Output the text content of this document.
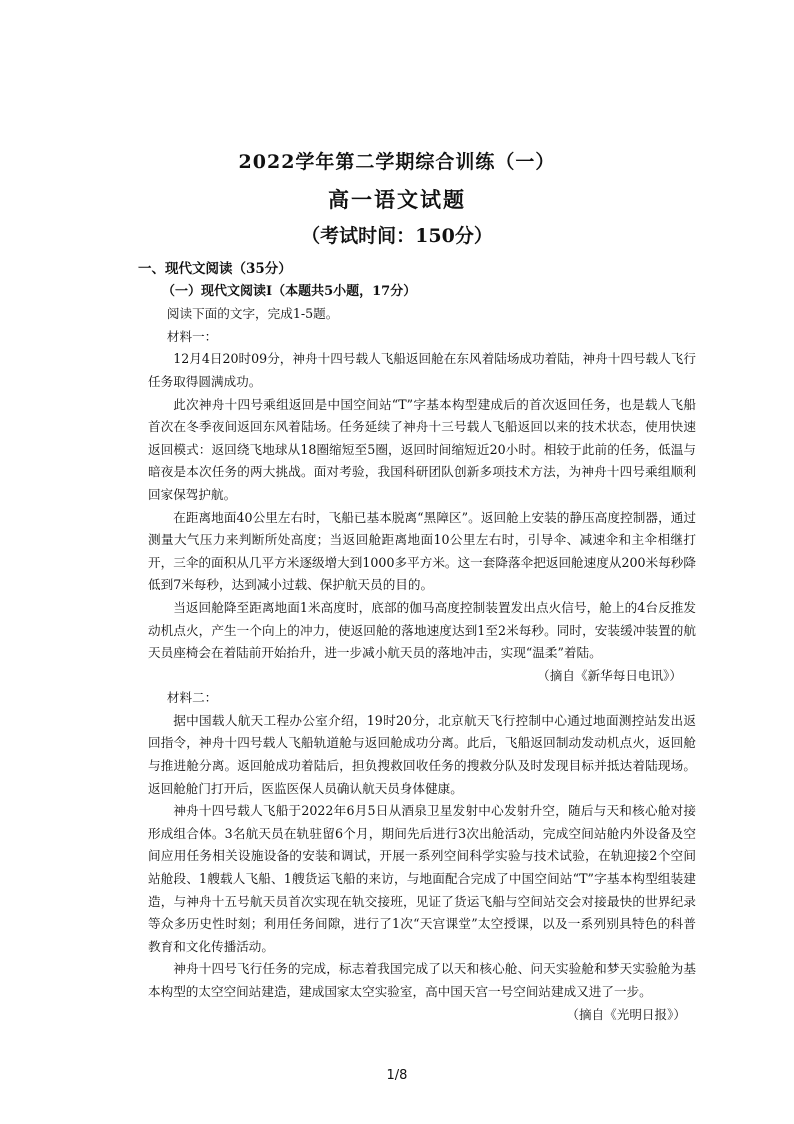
2022学年第二学期综合训练（一）
高一语文试题
（考试时间：150分）

一、现代文阅读（35分）

（一）现代文阅读Ⅰ（本题共5小题，17分）

阅读下面的文字，完成1-5题。

材料一：

12月4日20时09分，神舟十四号载人飞船返回舱在东风着陆场成功着陆，神舟十四号载人飞行任务取得圆满成功。

此次神舟十四号乘组返回是中国空间站“T”字基本构型建成后的首次返回任务，也是载人飞船首次在冬季夜间返回东风着陆场。任务延续了神舟十三号载人飞船返回以来的技术状态，使用快速返回模式：返回绕飞地球从18圈缩短至5圈，返回时间缩短近20小时。相较于此前的任务，低温与暗夜是本次任务的两大挑战。面对考验，我国科研团队创新多项技术方法，为神舟十四号乘组顺利回家保驾护航。

在距离地面40公里左右时，飞船已基本脱离“黑障区”。返回舱上安装的静压高度控制器，通过测量大气压力来判断所处高度；当返回舱距离地面10公里左右时，引导伞、减速伞和主伞相继打开，三伞的面积从几平方米逐级增大到1000多平方米。这一套降落伞把返回舱速度从200米每秒降低到7米每秒，达到减小过载、保护航天员的目的。

当返回舱降至距离地面1米高度时，底部的伽马高度控制装置发出点火信号，舱上的4台反推发动机点火，产生一个向上的冲力，使返回舱的落地速度达到1至2米每秒。同时，安装缓冲装置的航天员座椅会在着陆前开始抬升，进一步减小航天员的落地冲击，实现“温柔”着陆。

（摘自《新华每日电讯》）

材料二：

据中国载人航天工程办公室介绍，19时20分，北京航天飞行控制中心通过地面测控站发出返回指令，神舟十四号载人飞船轨道舱与返回舱成功分离。此后，飞船返回制动发动机点火，返回舱与推进舱分离。返回舱成功着陆后，担负搜救回收任务的搜救分队及时发现目标并抵达着陆现场。返回舱舱门打开后，医监医保人员确认航天员身体健康。

神舟十四号载人飞船于2022年6月5日从酒泉卫星发射中心发射升空，随后与天和核心舱对接形成组合体。3名航天员在轨驻留6个月，期间先后进行3次出舱活动，完成空间站舱内外设备及空间应用任务相关设施设备的安装和调试，开展一系列空间科学实验与技术试验，在轨迎接2个空间站舱段、1艘载人飞船、1艘货运飞船的来访，与地面配合完成了中国空间站“T”字基本构型组装建造，与神舟十五号航天员首次实现在轨交接班，见证了货运飞船与空间站交会对接最快的世界纪录等众多历史性时刻；利用任务间隙，进行了1次“天宫课堂”太空授课，以及一系列别具特色的科普教育和文化传播活动。

神舟十四号飞行任务的完成，标志着我国完成了以天和核心舱、问天实验舱和梦天实验舱为基本构型的太空空间站建造，建成国家太空实验室，高中国天宫一号空间站建成又进了一步。
（摘自《光明日报》）

1/8
